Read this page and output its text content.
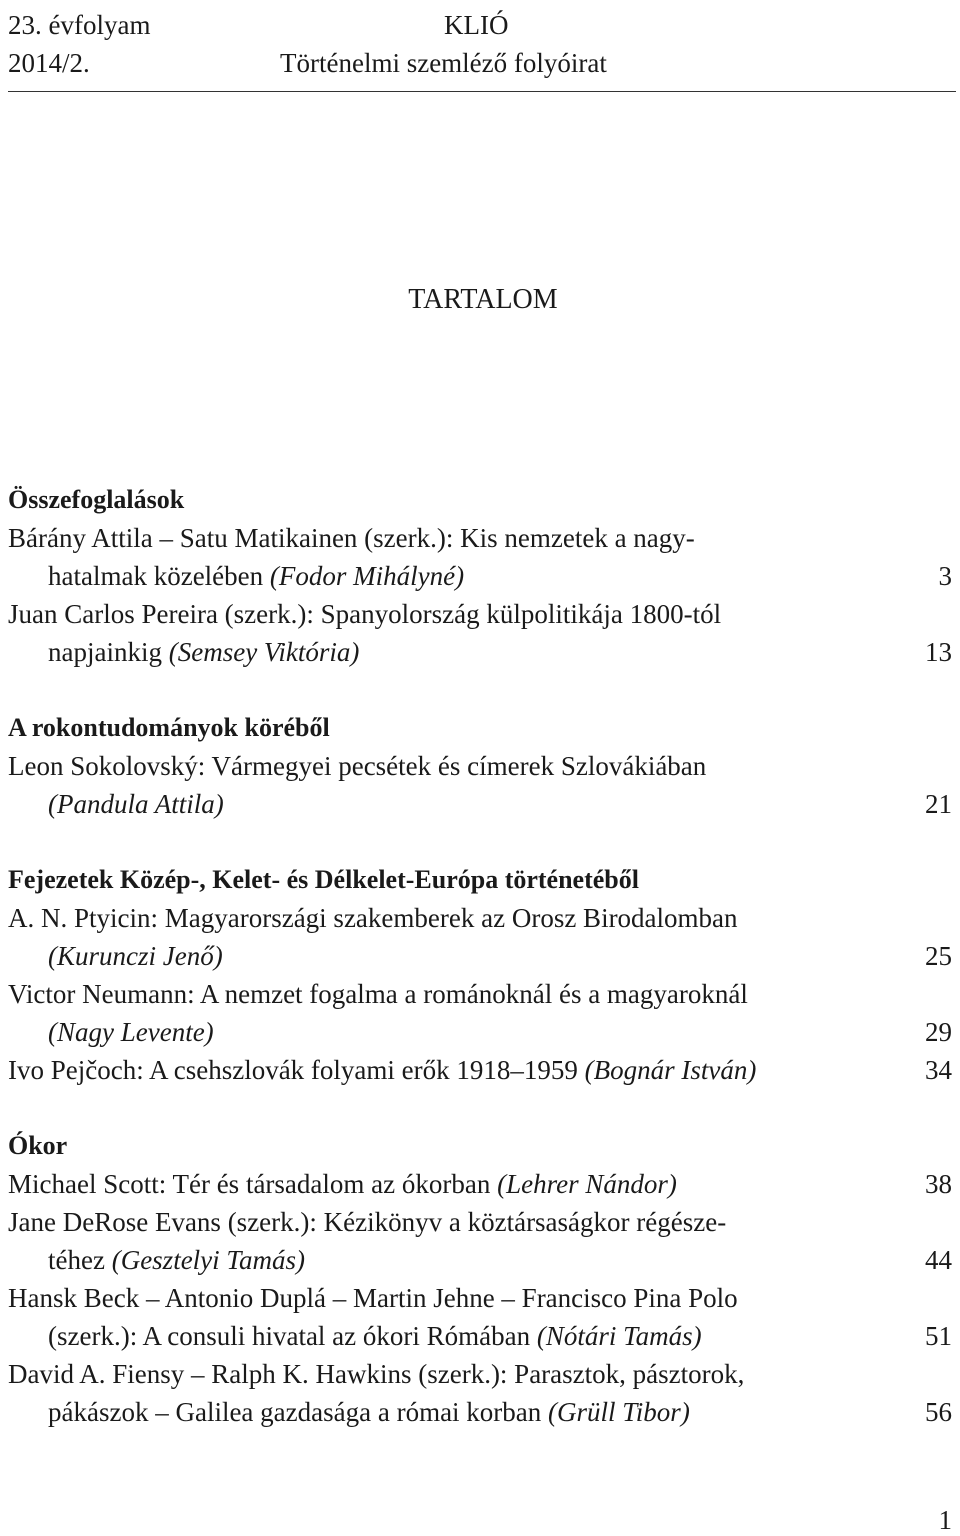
23. évfolyam	KLIÓ
2014/2.	Történelmi szemléző folyóirat
TARTALOM
Összefoglalások
Bárány Attila – Satu Matikainen (szerk.): Kis nemzetek a nagy-
hatalmak közelében (Fodor Mihályné)	3
Juan Carlos Pereira (szerk.): Spanyolország külpolitikája 1800-tól
napjainkig (Semsey Viktória)	13
A rokontudományok köréből
Leon Sokolovský: Vármegyei pecsétek és címerek Szlovákiában
(Pandula Attila)	21
Fejezetek Közép-, Kelet- és Délkelet-Európa történetéből
A. N. Ptyicin: Magyarországi szakemberek az Orosz Birodalomban
(Kurunczi Jenő)	25
Victor Neumann: A nemzet fogalma a románoknál és a magyaroknál
(Nagy Levente)	29
Ivo Pejčoch: A csehszlovák folyami erők 1918–1959 (Bognár István)	34
Ókor
Michael Scott: Tér és társadalom az ókorban (Lehrer Nándor)	38
Jane DeRose Evans (szerk.): Kézikönyv a köztársaságkor régésze-
téhez (Gesztelyi Tamás)	44
Hansk Beck – Antonio Duplá – Martin Jehne – Francisco Pina Polo
(szerk.): A consuli hivatal az ókori Rómában (Nótári Tamás)	51
David A. Fiensy – Ralph K. Hawkins (szerk.): Parasztok, pásztorok,
pákászok – Galilea gazdasága a római korban (Grüll Tibor)	56
1
